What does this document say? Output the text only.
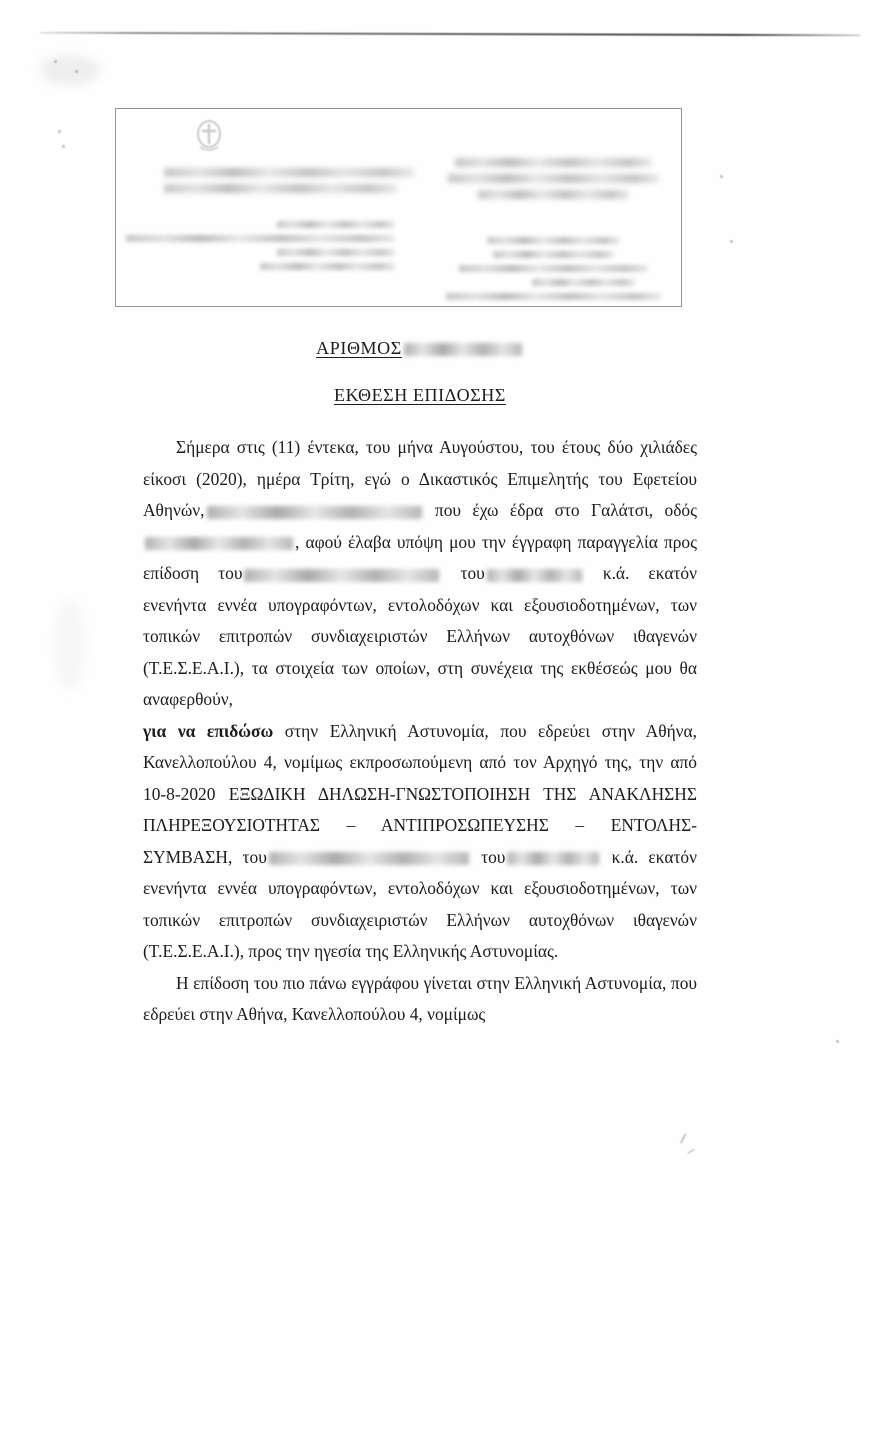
ΑΡΙΘΜΟΣ
ΕΚΘΕΣΗ ΕΠΙΔΟΣΗΣ

Σήμερα στις (11) έντεκα, του μήνα Αυγούστου, του έτους δύο χιλιάδες είκοσι (2020), ημέρα Τρίτη, εγώ ο Δικαστικός Επιμελητής του Εφετείου Αθηνών,	που έχω έδρα στο Γαλάτσι, οδός, αφού έλαβα υπόψη μου την έγγραφη παραγγελία προς επίδοση του	του	κ.ά. εκατόν ενενήντα εννέα υπογραφόντων, εντολοδόχων και εξουσιοδοτημένων, των τοπικών επιτροπών συνδιαχειριστών Ελλήνων αυτοχθόνων ιθαγενών (Τ.Ε.Σ.Ε.Α.Ι.), τα στοιχεία των οποίων, στη συνέχεια της εκθέσεώς μου θα αναφερθούν,

για να επιδώσω στην Ελληνική Αστυνομία, που εδρεύει στην Αθήνα, Κανελλοπούλου 4, νομίμως εκπροσωπούμενη από τον Αρχηγό της, την από 10-8-2020 ΕΞΩΔΙΚΗ ΔΗΛΩΣΗ-ΓΝΩΣΤΟΠΟΙΗΣΗ ΤΗΣ ΑΝΑΚΛΗΣΗΣ ΠΛΗΡΕΞΟΥΣΙΟΤΗΤΑΣ – ΑΝΤΙΠΡΟΣΩΠΕΥΣΗΣ – ΕΝΤΟΛΗΣ-ΣΥΜΒΑΣΗ, του	του	κ.ά. εκατόν ενενήντα εννέα υπογραφόντων, εντολοδόχων και εξουσιοδοτημένων, των τοπικών επιτροπών συνδιαχειριστών Ελλήνων αυτοχθόνων ιθαγενών (Τ.Ε.Σ.Ε.Α.Ι.), προς την ηγεσία της Ελληνικής Αστυνομίας.

Η επίδοση του πιο πάνω εγγράφου γίνεται στην Ελληνική Αστυνομία, που εδρεύει στην Αθήνα, Κανελλοπούλου 4, νομίμως

⸝
⸝
